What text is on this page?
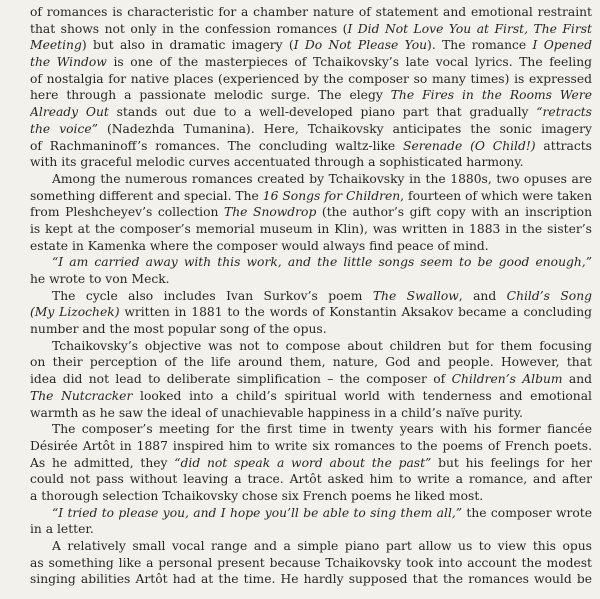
of romances is characteristic for a chamber nature of statement and emotional restraint
that shows not only in the confession romances (I Did Not Love You at First, The First
Meeting) but also in dramatic imagery (I Do Not Please You). The romance I Opened
the Window is one of the masterpieces of Tchaikovsky’s late vocal lyrics. The feeling
of nostalgia for native places (experienced by the composer so many times) is expressed
here through a passionate melodic surge. The elegy The Fires in the Rooms Were
Already Out stands out due to a well-developed piano part that gradually “retracts
the voice” (Nadezhda Tumanina). Here, Tchaikovsky anticipates the sonic imagery
of Rachmaninoff’s romances. The concluding waltz-like Serenade (O Child!) attracts
with its graceful melodic curves accentuated through a sophisticated harmony.
Among the numerous romances created by Tchaikovsky in the 1880s, two opuses are
something different and special. The 16 Songs for Children, fourteen of which were taken
from Pleshcheyev’s collection The Snowdrop (the author’s gift copy with an inscription
is kept at the composer’s memorial museum in Klin), was written in 1883 in the sister’s
estate in Kamenka where the composer would always find peace of mind.
“I am carried away with this work, and the little songs seem to be good enough,”
he wrote to von Meck.
The cycle also includes Ivan Surkov’s poem The Swallow, and Child’s Song
(My Lizochek) written in 1881 to the words of Konstantin Aksakov became a concluding
number and the most popular song of the opus.
Tchaikovsky’s objective was not to compose about children but for them focusing
on their perception of the life around them, nature, God and people. However, that
idea did not lead to deliberate simplification – the composer of Children’s Album and
The Nutcracker looked into a child’s spiritual world with tenderness and emotional
warmth as he saw the ideal of unachievable happiness in a child’s naïve purity.
The composer’s meeting for the first time in twenty years with his former fiancée
Désirée Artôt in 1887 inspired him to write six romances to the poems of French poets.
As he admitted, they “did not speak a word about the past” but his feelings for her
could not pass without leaving a trace. Artôt asked him to write a romance, and after
a thorough selection Tchaikovsky chose six French poems he liked most.
“I tried to please you, and I hope you’ll be able to sing them all,” the composer wrote
in a letter.
A relatively small vocal range and a simple piano part allow us to view this opus
as something like a personal present because Tchaikovsky took into account the modest
singing abilities Artôt had at the time. He hardly supposed that the romances would be
